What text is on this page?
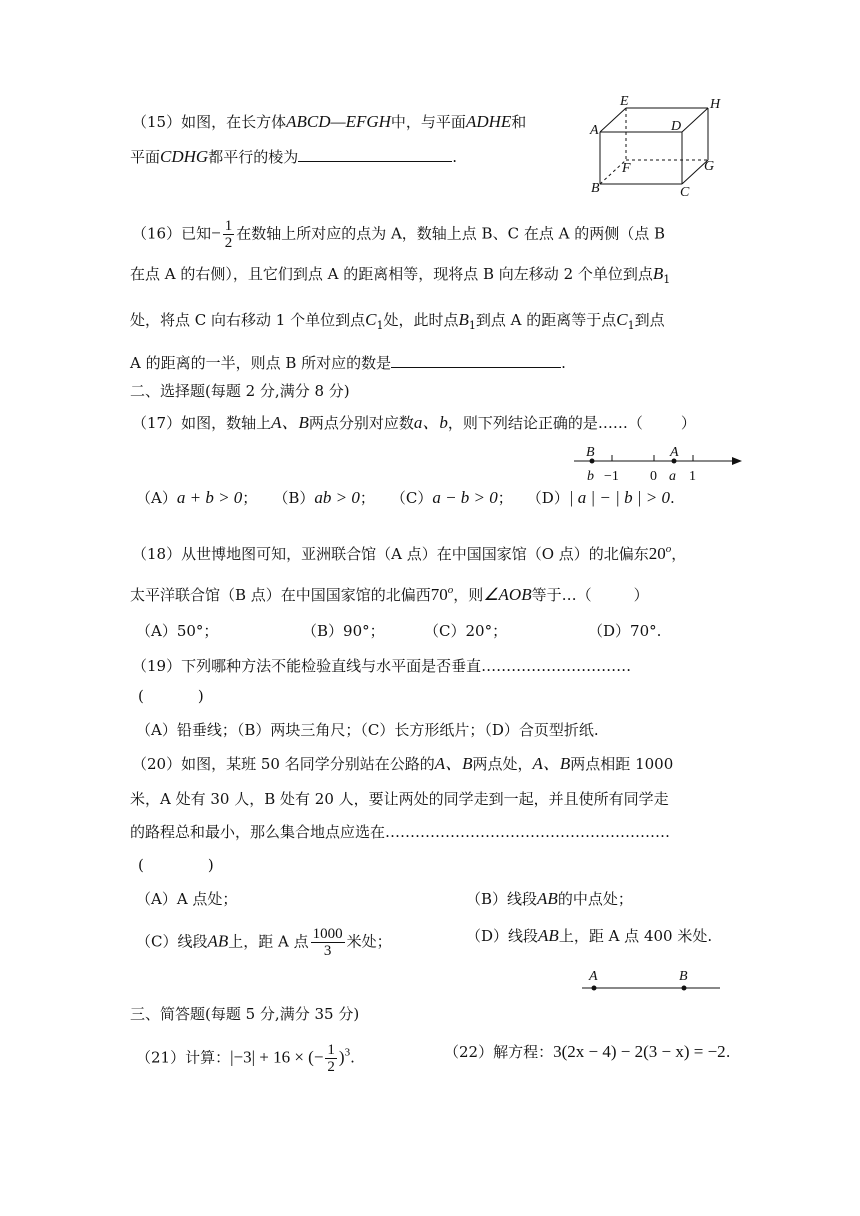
（15）如图，在长方体ABCD—EFGH中，与平面ADHE和
平面CDHG都平行的棱为	.
E	H
A	D
F	G
B	C
（16）已知− $\frac{1}{2}$ 在数轴上所对应的点为 A，数轴上点 B、C 在点 A 的两侧（点 B
在点 A 的右侧），且它们到点 A 的距离相等，现将点 B 向左移动 2 个单位到点$B_1$
处，将点 C 向右移动 1 个单位到点$C_1$处，此时点$B_1$到点 A 的距离等于点$C_1$到点
A 的距离的一半，则点 B 所对应的数是	.
二、选择题(每题 2 分,满分 8 分)
（17）如图，数轴上A、B两点分别对应数a、b，则下列结论正确的是……（	）
B	A
b −1 0 a 1
（A）a + b > 0； （B）ab > 0； （C）a − b > 0； （D）| a | − | b | > 0.
（18）从世博地图可知，亚洲联合馆（A 点）在中国国家馆（O 点）的北偏东20$^o$，
太平洋联合馆（B 点）在中国国家馆的北偏西70$^o$，则∠AOB等于…（	）
（A）50°；	（B）90°；	（C）20°；	（D）70°.
（19）下列哪种方法不能检验直线与水平面是否垂直…………………………
(	)
（A）铅垂线；（B）两块三角尺；（C）长方形纸片；（D）合页型折纸.
（20）如图，某班 50 名同学分别站在公路的A、B两点处，A、B两点相距 1000
米，A 处有 30 人，B 处有 20 人，要让两处的同学走到一起，并且使所有同学走
的路程总和最小，那么集合地点应选在…………………………………………………
(	)
（A）A 点处；	（B）线段AB的中点处；
（C）线段AB上，距 A 点 $\frac{1000}{3}$ 米处；	（D）线段AB上，距 A 点 400 米处.
A	B
三、简答题(每题 5 分,满分 35 分)
（21）计算：|−3| + 16 × (− $\frac{1}{2} )^3$.	（22）解方程：3(2x − 4) − 2(3 − x) = −2.
